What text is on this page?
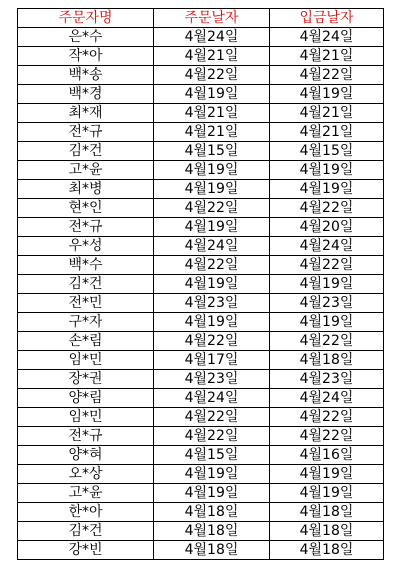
주문자명	주문날자	입금날자
은*수	4월24일	4월24일
작*아	4월21일	4월21일
백*송	4월22일	4월22일
백*경	4월19일	4월19일
최*재	4월21일	4월21일
전*규	4월21일	4월21일
김*건	4월15일	4월15일
고*윤	4월19일	4월19일
최*병	4월19일	4월19일
현*인	4월22일	4월22일
전*규	4월19일	4월20일
우*성	4월24일	4월24일
백*수	4월22일	4월22일
김*건	4월19일	4월19일
전*민	4월23일	4월23일
구*자	4월19일	4월19일
손*림	4월22일	4월22일
임*민	4월17일	4월18일
장*권	4월23일	4월23일
양*림	4월24일	4월24일
임*민	4월22일	4월22일
전*규	4월22일	4월22일
양*혀	4월15일	4월16일
오*상	4월19일	4월19일
고*윤	4월19일	4월19일
한*아	4월18일	4월18일
김*건	4월18일	4월18일
강*빈	4월18일	4월18일
